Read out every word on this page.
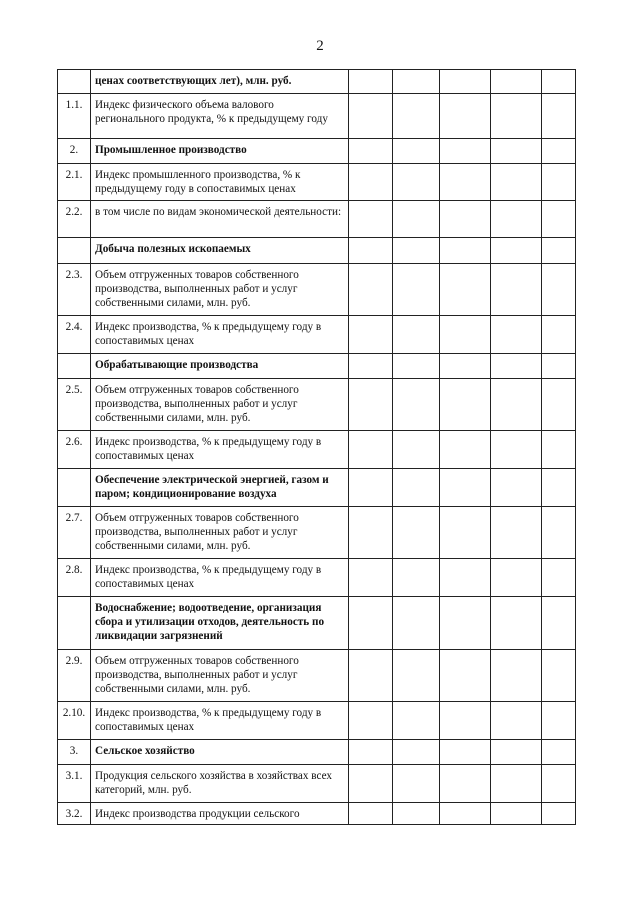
2
	ценах соответствующих лет), млн. руб.					
1.1.	Индекс физического объема валового регионального продукта, % к предыдущему году					
2.	Промышленное производство					
2.1.	Индекс промышленного производства, % к предыдущему году в сопоставимых ценах					
2.2.	в том числе по видам экономической деятельности:					
	Добыча полезных ископаемых					
2.3.	Объем отгруженных товаров собственного производства, выполненных работ и услуг собственными силами, млн. руб.					
2.4.	Индекс производства, % к предыдущему году в сопоставимых ценах					
	Обрабатывающие производства					
2.5.	Объем отгруженных товаров собственного производства, выполненных работ и услуг собственными силами, млн. руб.					
2.6.	Индекс производства, % к предыдущему году в сопоставимых ценах					
	Обеспечение электрической энергией, газом и паром; кондиционирование воздуха					
2.7.	Объем отгруженных товаров собственного производства, выполненных работ и услуг собственными силами, млн. руб.					
2.8.	Индекс производства, % к предыдущему году в сопоставимых ценах					
	Водоснабжение; водоотведение, организация сбора и утилизации отходов, деятельность по ликвидации загрязнений					
2.9.	Объем отгруженных товаров собственного производства, выполненных работ и услуг собственными силами, млн. руб.					
2.10.	Индекс производства, % к предыдущему году в сопоставимых ценах					
3.	Сельское хозяйство					
3.1.	Продукция сельского хозяйства в хозяйствах всех категорий, млн. руб.					
3.2.	Индекс производства продукции сельского					
